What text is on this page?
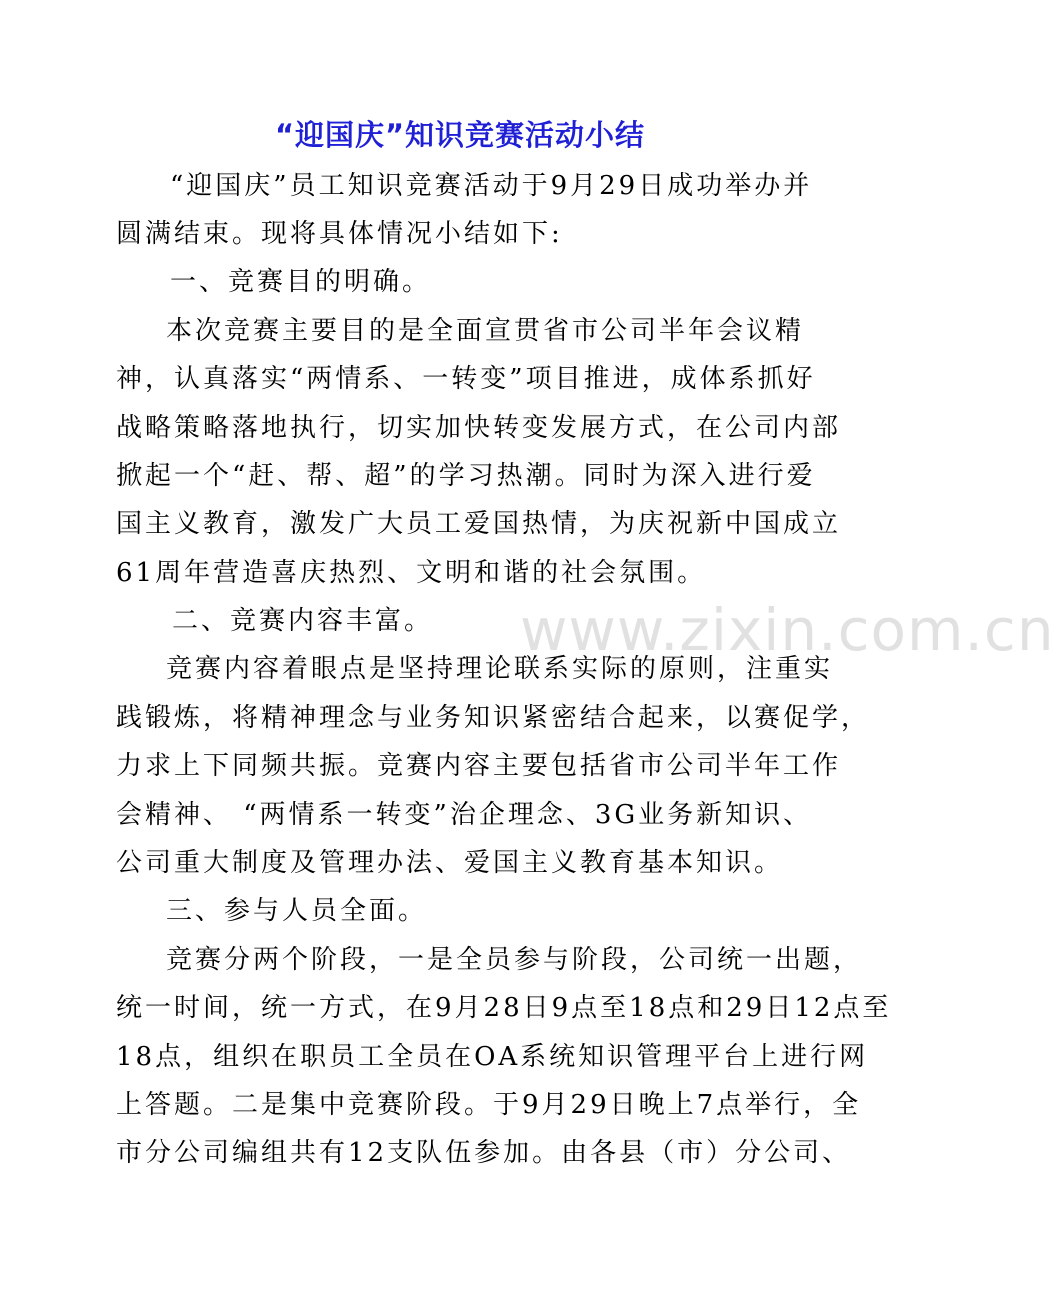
www.zixin.com.cn
“迎国庆”知识竞赛活动小结
“迎国庆”员工知识竞赛活动于9月29日成功举办并
圆满结束。现将具体情况小结如下:
一、竞赛目的明确。
本次竞赛主要目的是全面宣贯省市公司半年会议精
神，认真落实“两情系、一转变”项目推进，成体系抓好
战略策略落地执行，切实加快转变发展方式，在公司内部
掀起一个“赶、帮、超”的学习热潮。同时为深入进行爱
国主义教育，激发广大员工爱国热情，为庆祝新中国成立
61周年营造喜庆热烈、文明和谐的社会氛围。
二、竞赛内容丰富。
竞赛内容着眼点是坚持理论联系实际的原则，注重实
践锻炼，将精神理念与业务知识紧密结合起来，以赛促学，
力求上下同频共振。竞赛内容主要包括省市公司半年工作
会精神、 “两情系一转变”治企理念、3G业务新知识、
公司重大制度及管理办法、爱国主义教育基本知识。
三、参与人员全面。
竞赛分两个阶段，一是全员参与阶段，公司统一出题，
统一时间，统一方式，在9月28日9点至18点和29日12点至
18点，组织在职员工全员在OA系统知识管理平台上进行网
上答题。二是集中竞赛阶段。于9月29日晚上7点举行，全
市分公司编组共有12支队伍参加。由各县（市）分公司、
